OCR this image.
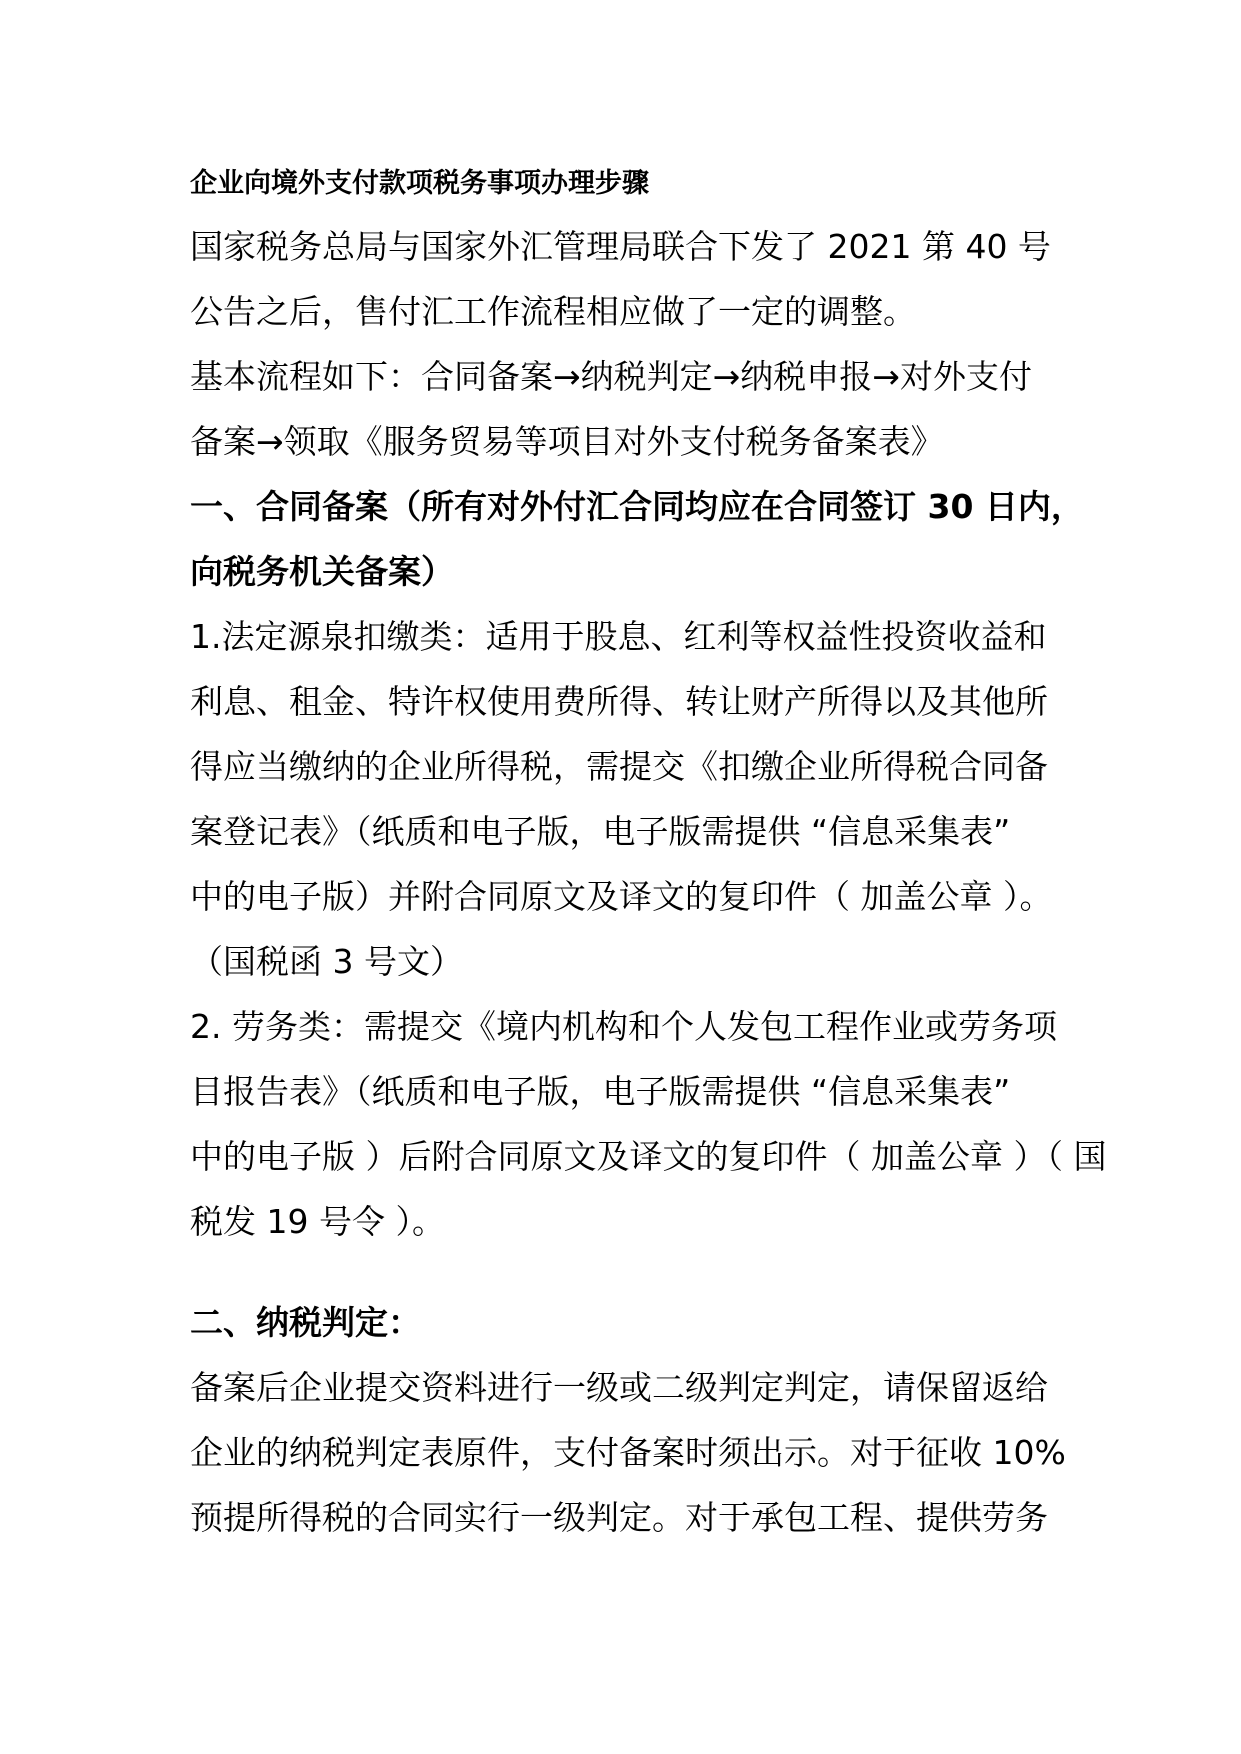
企业向境外支付款项税务事项办理步骤
国家税务总局与国家外汇管理局联合下发了 2021 第 40 号
公告之后，售付汇工作流程相应做了一定的调整。
基本流程如下：合同备案→纳税判定→纳税申报→对外支付
备案→领取《服务贸易等项目对外支付税务备案表》
一、合同备案（所有对外付汇合同均应在合同签订 30 日内，
向税务机关备案）
1.法定源泉扣缴类：适用于股息、红利等权益性投资收益和
利息、租金、特许权使用费所得、转让财产所得以及其他所
得应当缴纳的企业所得税，需提交《扣缴企业所得税合同备
案登记表》（纸质和电子版，电子版需提供 “信息采集表”
中的电子版）并附合同原文及译文的复印件（ 加盖公章 ）。
（国税函 3 号文）
2. 劳务类：需提交《境内机构和个人发包工程作业或劳务项
目报告表》（纸质和电子版，电子版需提供 “信息采集表”
中的电子版 ）后附合同原文及译文的复印件（ 加盖公章 ）（ 国
税发 19 号令 ）。
二、纳税判定：
备案后企业提交资料进行一级或二级判定判定，请保留返给
企业的纳税判定表原件，支付备案时须出示。对于征收 10%
预提所得税的合同实行一级判定。对于承包工程、提供劳务
